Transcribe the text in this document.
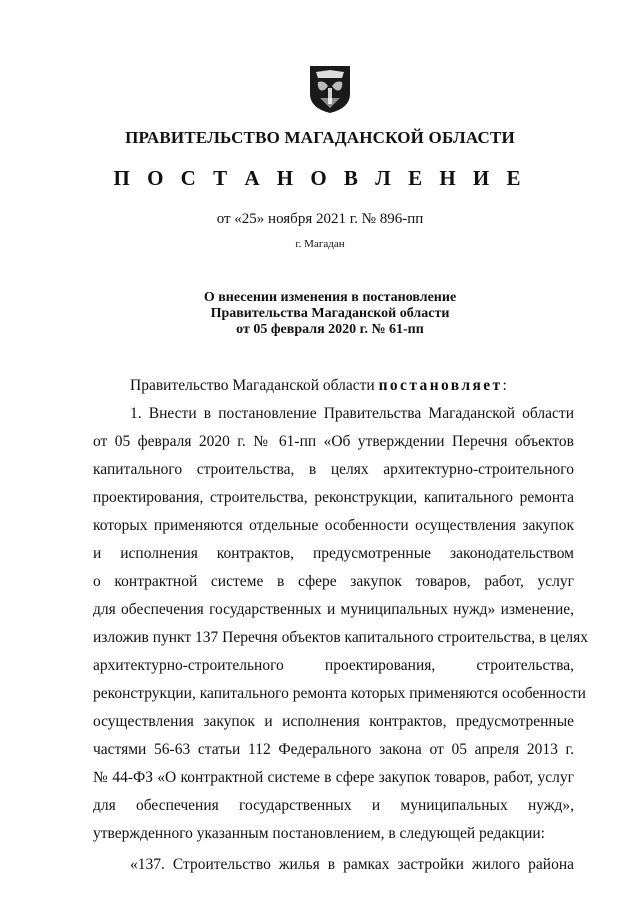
ПРАВИТЕЛЬСТВО МАГАДАНСКОЙ ОБЛАСТИ
П О С Т А Н О В Л Е Н И Е
от «25» ноября 2021 г. № 896-пп
г. Магадан
О внесении изменения в постановление
Правительства Магаданской области
от 05 февраля 2020 г. № 61-пп
Правительство Магаданской области постановляет:
1. Внести в постановление Правительства Магаданской области
от 05 февраля 2020 г. № 61-пп «Об утверждении Перечня объектов
капитального строительства, в целях архитектурно-строительного
проектирования, строительства, реконструкции, капитального ремонта
которых применяются отдельные особенности осуществления закупок
и исполнения контрактов, предусмотренные законодательством
о контрактной системе в сфере закупок товаров, работ, услуг
для обеспечения государственных и муниципальных нужд» изменение,
изложив пункт 137 Перечня объектов капитального строительства, в целях
архитектурно-строительного проектирования, строительства,
реконструкции, капитального ремонта которых применяются особенности
осуществления закупок и исполнения контрактов, предусмотренные
частями 56-63 статьи 112 Федерального закона от 05 апреля 2013 г.
№ 44-ФЗ «О контрактной системе в сфере закупок товаров, работ, услуг
для обеспечения государственных и муниципальных нужд»,
утвержденного указанным постановлением, в следующей редакции:
«137. Строительство жилья в рамках застройки жилого района
